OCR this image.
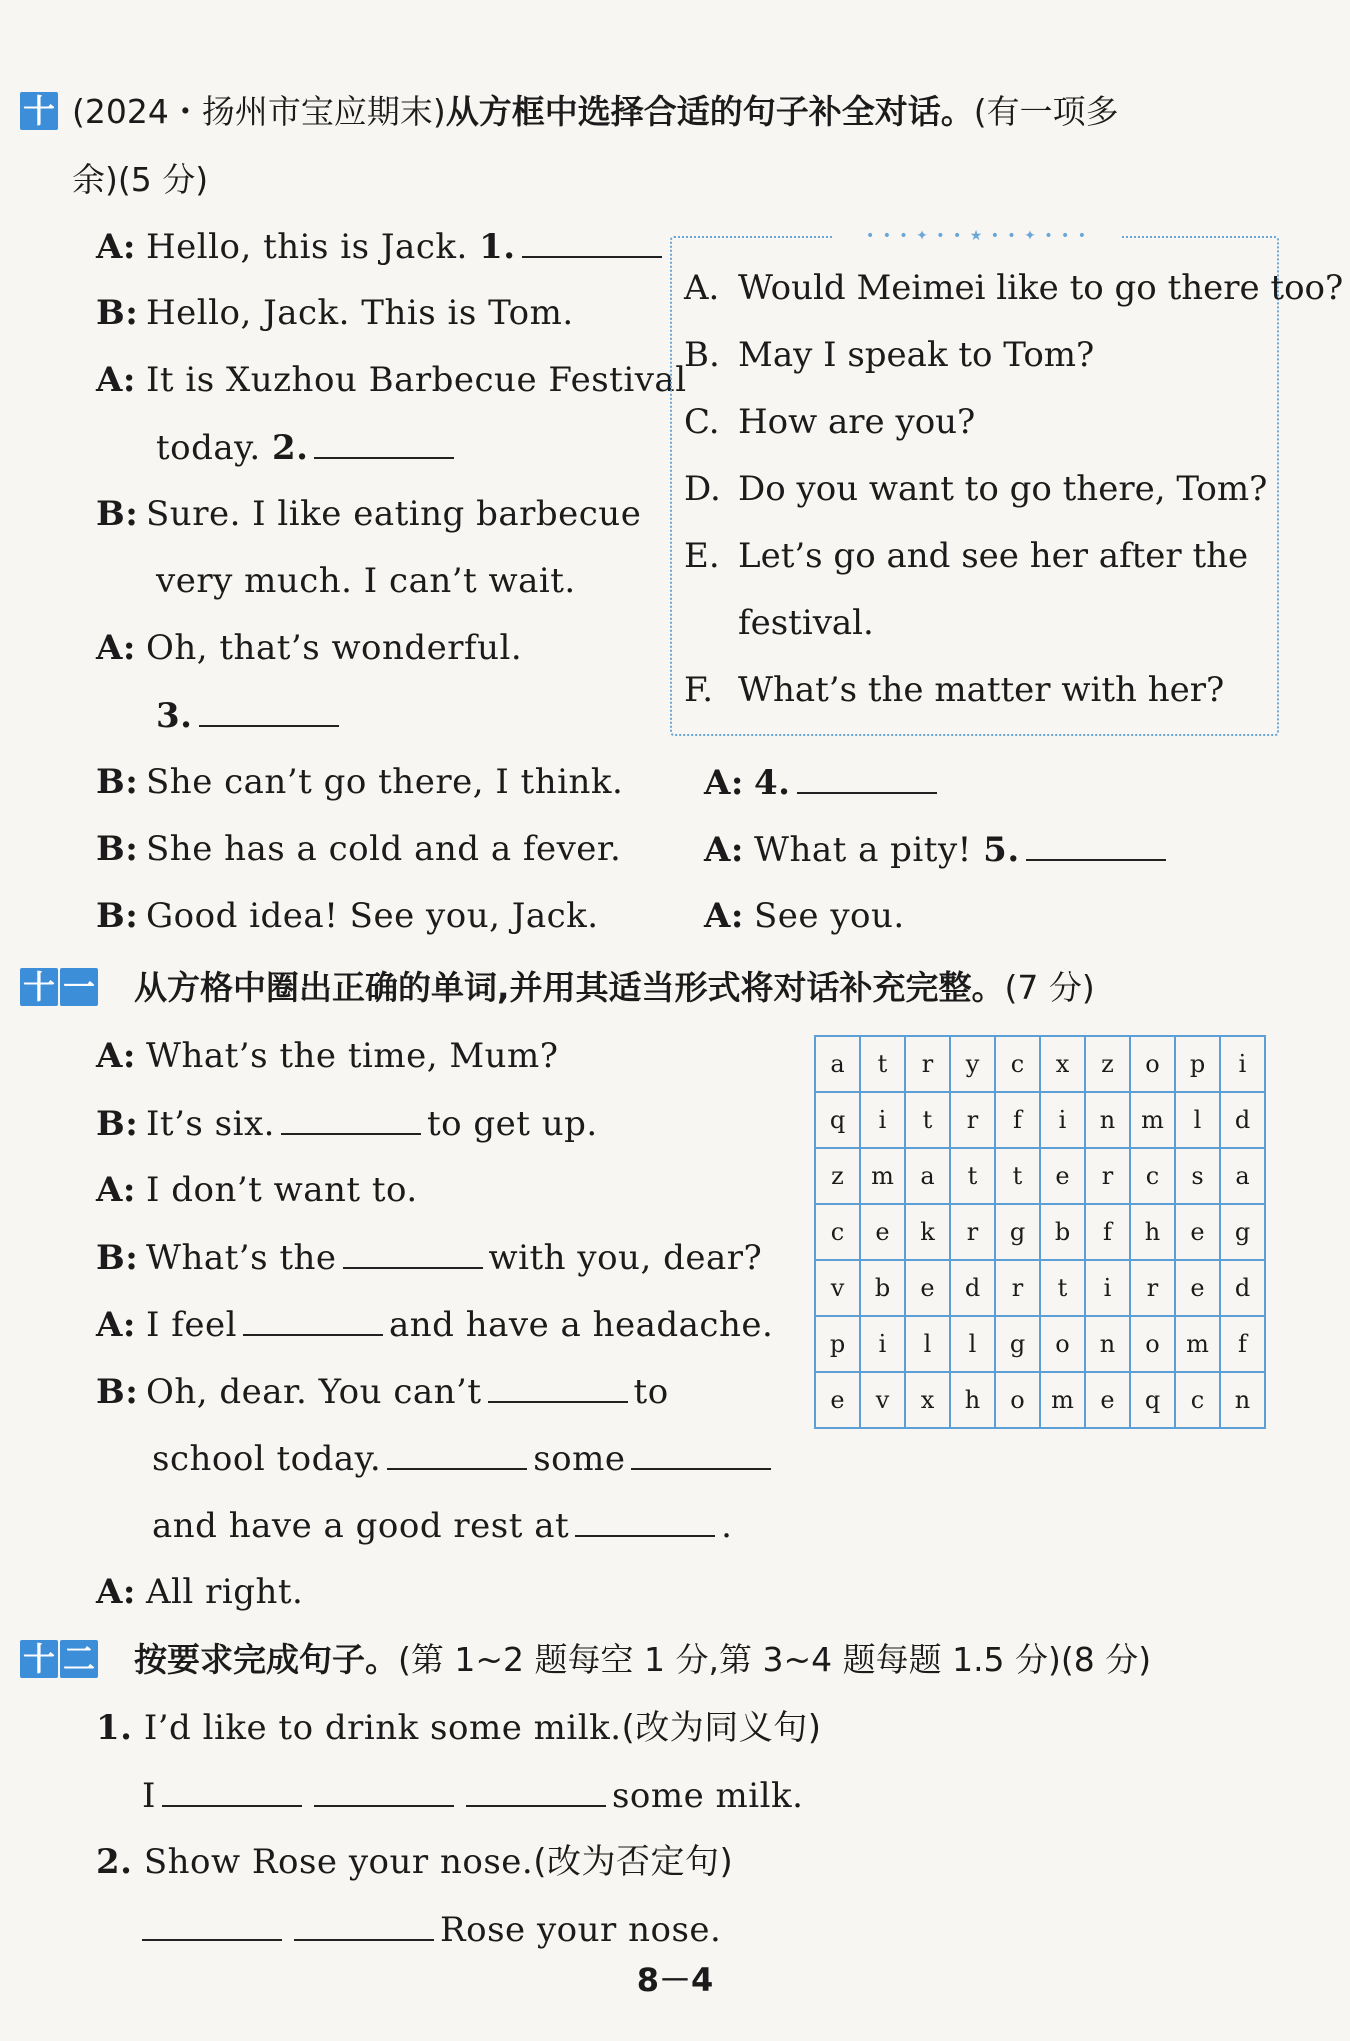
十 (2024・扬州市宝应期末)从方框中选择合适的句子补全对话。(有一项多
余)(5 分)
A: Hello, this is Jack. 1.
B: Hello, Jack. This is Tom.
A: It is Xuzhou Barbecue Festival
today. 2.
B: Sure. I like eating barbecue
very much. I can’t wait.
A: Oh, that’s wonderful.
3.
B: She can’t go there, I think.
B: She has a cold and a fever.
B: Good idea! See you, Jack.
A: 4.
A: What a pity! 5.
A: See you.
• • • ✦ • • ★ • • ✦ • • •
A. Would Meimei like to go there too?
B. May I speak to Tom?
C. How are you?
D. Do you want to go there, Tom?
E. Let’s go and see her after the
festival.
F. What’s the matter with her?
十 一 从方格中圈出正确的单词,并用其适当形式将对话补充完整。(7 分)
A: What’s the time, Mum?
B: It’s six.	to get up.
A: I don’t want to.
B: What’s the	with you, dear?
A: I feel	and have a headache.
B: Oh, dear. You can’t	to
school today.	some
and have a good rest at	.
A: All right.
a	t	r	y	c	x	z	o	p	i
q	i	t	r	f	i	n	m	l	d
z	m	a	t	t	e	r	c	s	a
c	e	k	r	g	b	f	h	e	g
v	b	e	d	r	t	i	r	e	d
p	i	l	l	g	o	n	o	m	f
e	v	x	h	o	m	e	q	c	n
十 二 按要求完成句子。(第 1~2 题每空 1 分,第 3~4 题每题 1.5 分)(8 分)
1. I’d like to drink some milk.(改为同义句)
I	some milk.
2. Show Rose your nose.(改为否定句)
Rose your nose.
8－4
